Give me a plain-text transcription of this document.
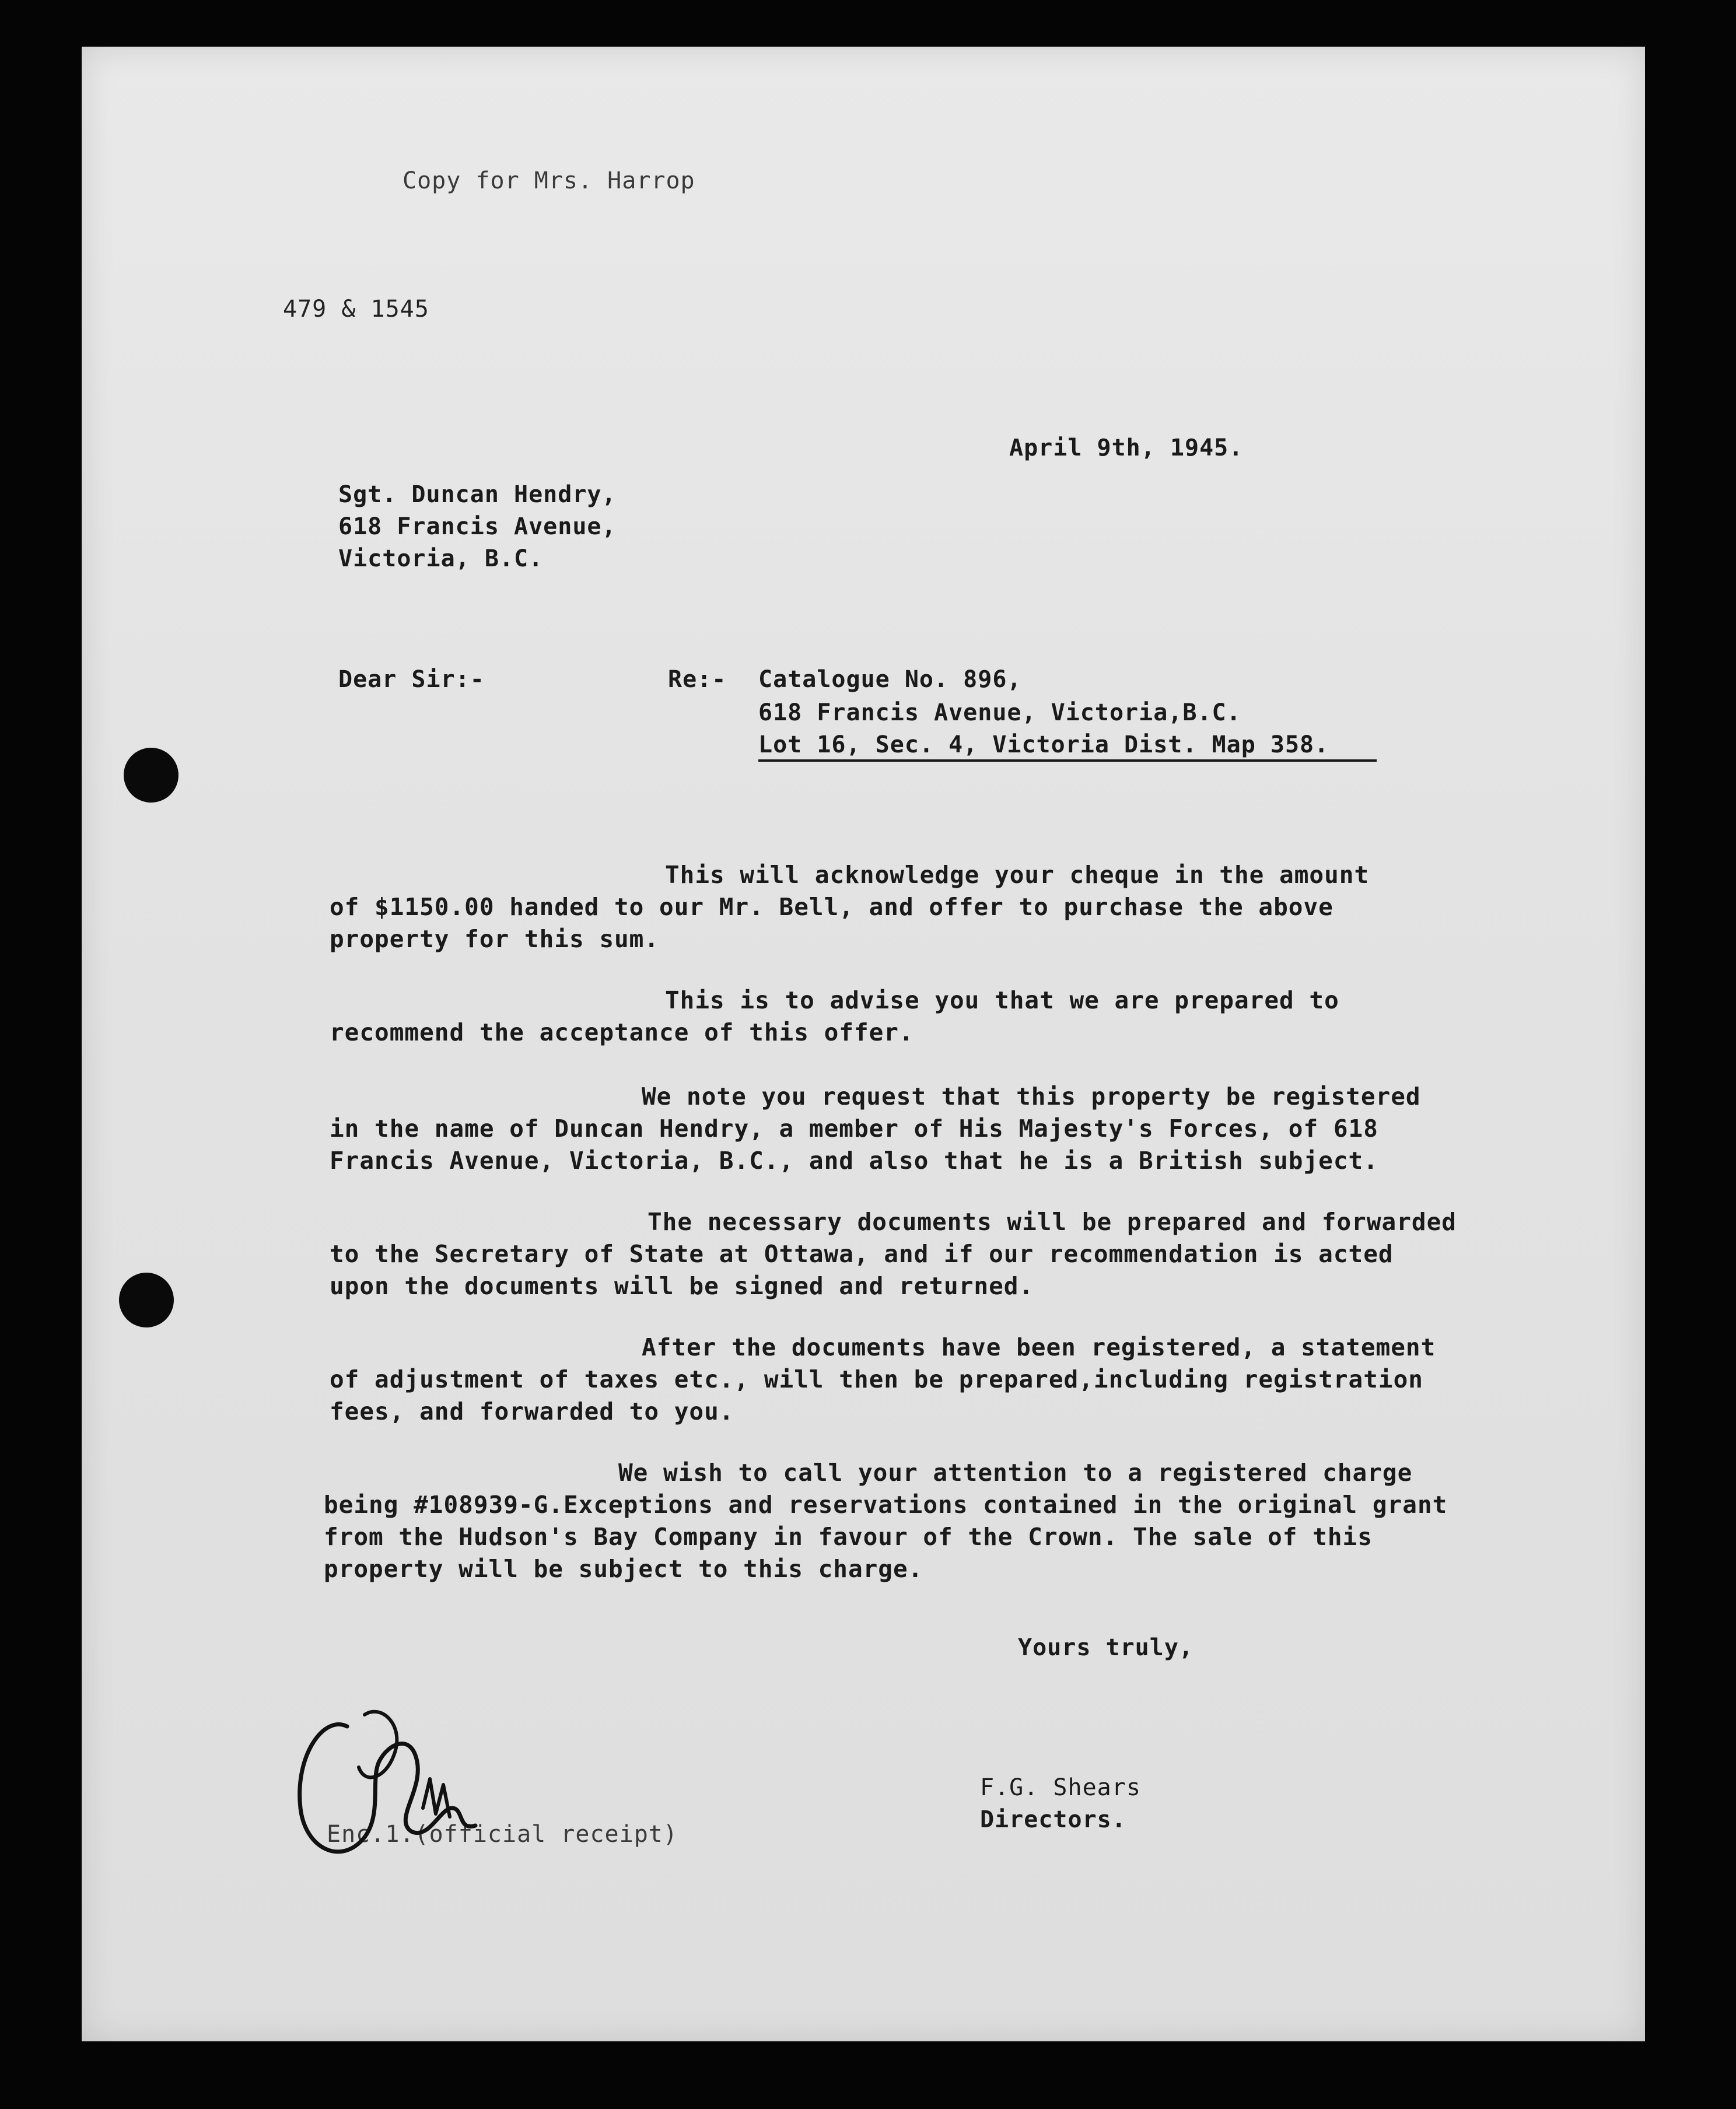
Copy for Mrs. Harrop
479 & 1545
April 9th, 1945.
Sgt. Duncan Hendry,
618 Francis Avenue,
Victoria, B.C.
Dear Sir:-	Re:- Catalogue No. 896,
618 Francis Avenue, Victoria,B.C.
Lot 16, Sec. 4, Victoria Dist. Map 358.
This will acknowledge your cheque in the amount
of $1150.00 handed to our Mr. Bell, and offer to purchase the above
property for this sum.
This is to advise you that we are prepared to
recommend the acceptance of this offer.
We note you request that this property be registered
in the name of Duncan Hendry, a member of His Majesty's Forces, of 618
Francis Avenue, Victoria, B.C., and also that he is a British subject.
The necessary documents will be prepared and forwarded
to the Secretary of State at Ottawa, and if our recommendation is acted
upon the documents will be signed and returned.
After the documents have been registered, a statement
of adjustment of taxes etc., will then be prepared,including registration
fees, and forwarded to you.
We wish to call your attention to a registered charge
being #108939-G.Exceptions and reservations contained in the original grant
from the Hudson's Bay Company in favour of the Crown. The sale of this
property will be subject to this charge.
Yours truly,
F.G. Shears
Directors.
Enc.1.(official receipt)
